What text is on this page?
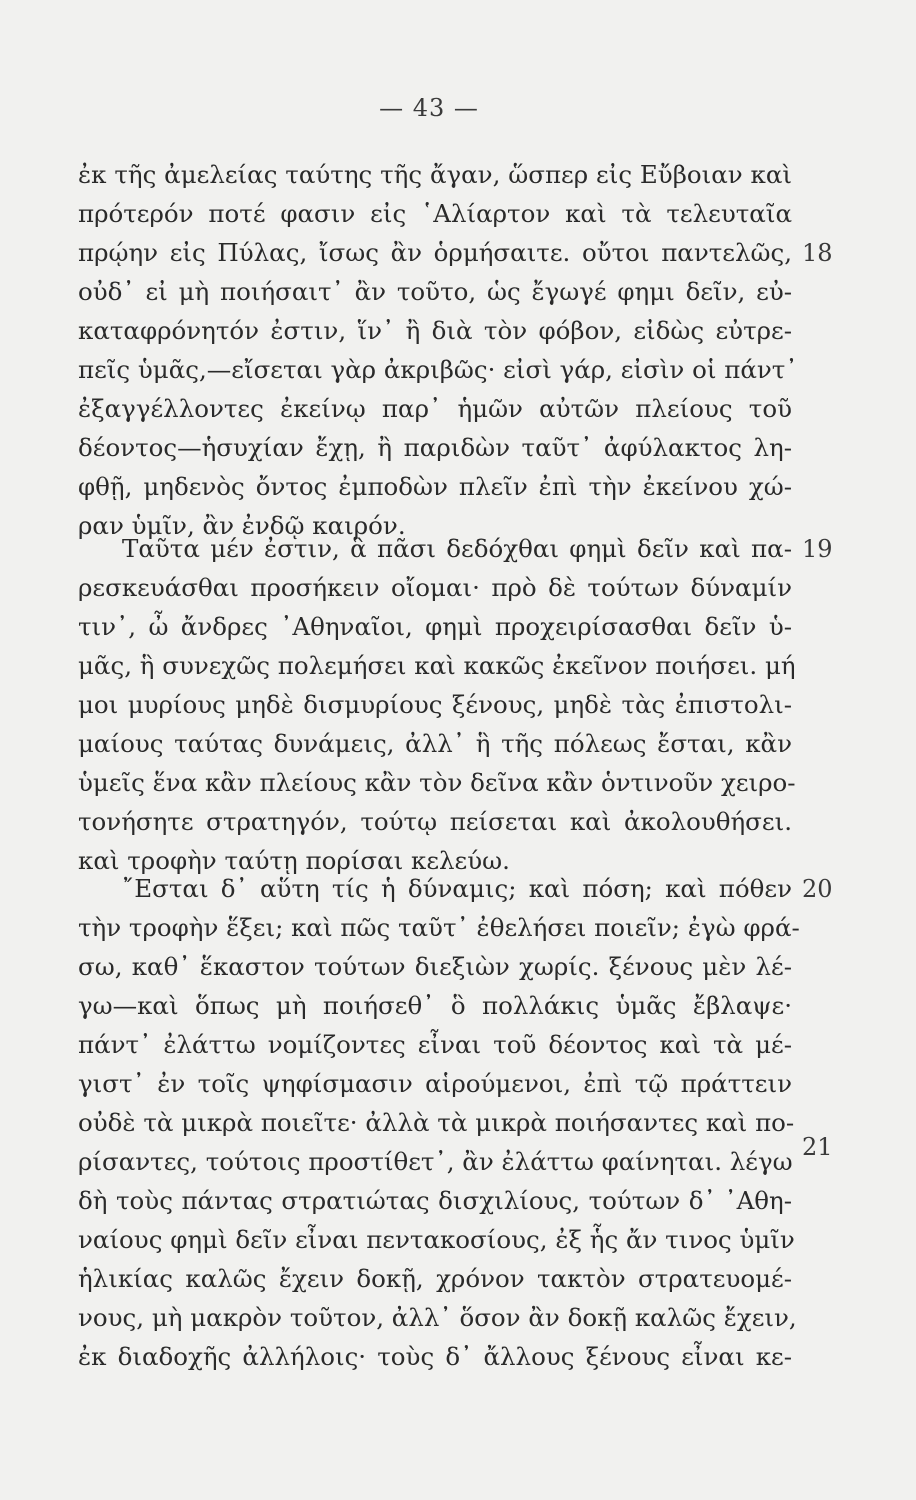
— 43 —
ἐκ τῆς ἀμελείας ταύτης τῆς ἄγαν, ὥσπερ εἰς Εὔβοιαν καὶ
πρότερόν ποτέ φασιν εἰς ῾Αλίαρτον καὶ τὰ τελευταῖα
πρῴην εἰς Πύλας, ἴσως ἂν ὁρμήσαιτε. οὔτοι παντελῶς,
οὐδ᾽ εἰ μὴ ποιήσαιτ᾽ ἂν τοῦτο, ὡς ἔγωγέ φημι δεῖν, εὐ-
καταφρόνητόν ἐστιν, ἵν᾽ ἢ διὰ τὸν φόβον, εἰδὼς εὐτρε-
πεῖς ὑμᾶς,—εἴσεται γὰρ ἀκριβῶς· εἰσὶ γάρ, εἰσὶν οἱ πάντ᾽
ἐξαγγέλλοντες ἐκείνῳ παρ᾽ ἡμῶν αὐτῶν πλείους τοῦ
δέοντος—ἡσυχίαν ἔχῃ, ἢ παριδὼν ταῦτ᾽ ἀφύλακτος λη-
φθῇ, μηδενὸς ὄντος ἐμποδὼν πλεῖν ἐπὶ τὴν ἐκείνου χώ-
ραν ὑμῖν, ἂν ἐνδῷ καιρόν.
Ταῦτα μέν ἐστιν, ἃ πᾶσι δεδόχθαι φημὶ δεῖν καὶ πα-
ρεσκευάσθαι προσήκειν οἴομαι· πρὸ δὲ τούτων δύναμίν
τιν᾽, ὦ ἄνδρες ᾽Αθηναῖοι, φημὶ προχειρίσασθαι δεῖν ὑ-
μᾶς, ἣ συνεχῶς πολεμήσει καὶ κακῶς ἐκεῖνον ποιήσει. μή
μοι μυρίους μηδὲ δισμυρίους ξένους, μηδὲ τὰς ἐπιστολι-
μαίους ταύτας δυνάμεις, ἀλλ᾽ ἣ τῆς πόλεως ἔσται, κἂν
ὑμεῖς ἕνα κἂν πλείους κἂν τὸν δεῖνα κἂν ὁντινοῦν χειρο-
τονήσητε στρατηγόν, τούτῳ πείσεται καὶ ἀκολουθήσει.
καὶ τροφὴν ταύτῃ πορίσαι κελεύω.
῎Εσται δ᾽ αὕτη τίς ἡ δύναμις; καὶ πόση; καὶ πόθεν
τὴν τροφὴν ἕξει; καὶ πῶς ταῦτ᾽ ἐθελήσει ποιεῖν; ἐγὼ φρά-
σω, καθ᾽ ἕκαστον τούτων διεξιὼν χωρίς. ξένους μὲν λέ-
γω—καὶ ὅπως μὴ ποιήσεθ᾽ ὃ πολλάκις ὑμᾶς ἔβλαψε·
πάντ᾽ ἐλάττω νομίζοντες εἶναι τοῦ δέοντος καὶ τὰ μέ-
γιστ᾽ ἐν τοῖς ψηφίσμασιν αἱρούμενοι, ἐπὶ τῷ πράττειν
οὐδὲ τὰ μικρὰ ποιεῖτε· ἀλλὰ τὰ μικρὰ ποιήσαντες καὶ πο-
ρίσαντες, τούτοις προστίθετ᾽, ἂν ἐλάττω φαίνηται. λέγω
δὴ τοὺς πάντας στρατιώτας δισχιλίους, τούτων δ᾽ ᾽Αθη-
ναίους φημὶ δεῖν εἶναι πεντακοσίους, ἐξ ἧς ἄν τινος ὑμῖν
ἡλικίας καλῶς ἔχειν δοκῇ, χρόνον τακτὸν στρατευομέ-
νους, μὴ μακρὸν τοῦτον, ἀλλ᾽ ὅσον ἂν δοκῇ καλῶς ἔχειν,
ἐκ διαδοχῆς ἀλλήλοις· τοὺς δ᾽ ἄλλους ξένους εἶναι κε-
18
19
20
21
